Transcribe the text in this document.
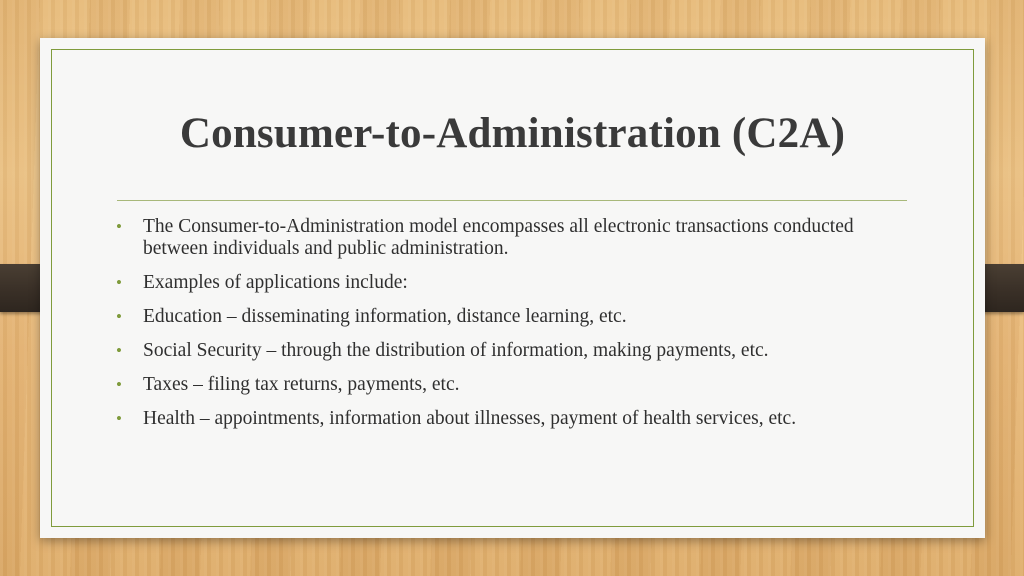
Consumer-to-Administration (C2A)
• The Consumer-to-Administration model encompasses all electronic transactions conducted between individuals and public administration.
• Examples of applications include:
• Education – disseminating information, distance learning, etc.
• Social Security – through the distribution of information, making payments, etc.
• Taxes – filing tax returns, payments, etc.
• Health – appointments, information about illnesses, payment of health services, etc.
